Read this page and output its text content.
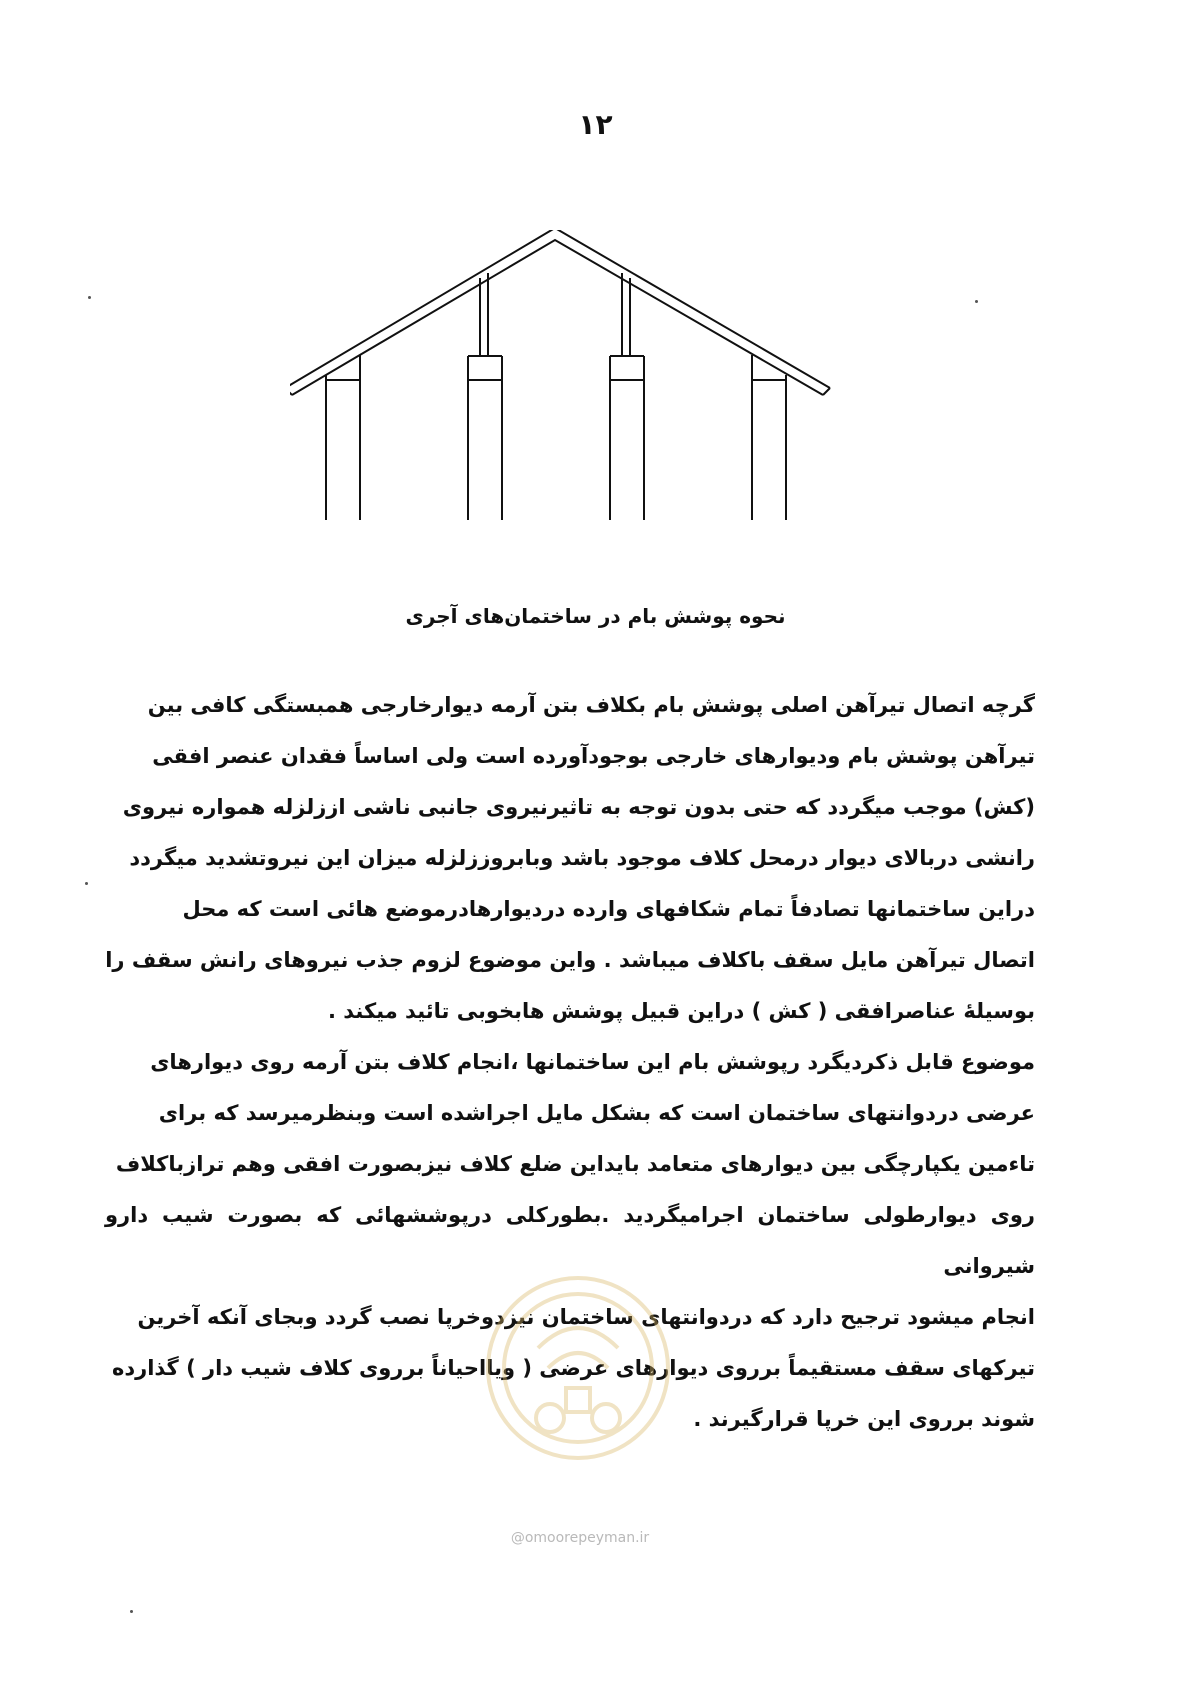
۱۲
نحوه پوشش بام در ساختمان‌های آجری

گرچه اتصال تیرآهن اصلی پوشش بام بکلاف بتن آرمه دیوارخارجی همبستگی کافی بین

تیرآهن پوشش بام ودیوارهای خارجی بوجودآورده است ولی اساساً فقدان عنصر افقی

(کش) موجب میگردد که حتی بدون توجه به تاثیرنیروی جانبی ناشی اززلزله همواره نیروی

رانشی دربالای دیوار درمحل کلاف موجود باشد وبابروززلزله میزان این نیروتشدید میگردد

دراین ساختمانها تصادفاً تمام شکافهای وارده دردیوارهادرموضع هائی است که محل

اتصال تیرآهن مایل سقف باکلاف میباشد . واین موضوع لزوم جذب نیروهای رانش سقف را

بوسیلهٔ عناصرافقی ( کش ) دراین قبیل پوشش هابخوبی تائید میکند .

موضوع قابل ذکردیگرد رپوشش بام این ساختمانها ،انجام کلاف بتن آرمه روی دیوارهای

عرضی دردوانتهای ساختمان است که بشکل مایل اجراشده است وبنظرمیرسد که برای

تاءمین یکپارچگی بین دیوارهای متعامد بایداین ضلع کلاف نیزبصورت افقی وهم ترازباکلاف

روی دیوارطولی ساختمان اجرامیگردید .بطورکلی درپوششهائی که بصورت شیب دارو شیروانی

انجام میشود ترجیح دارد که دردوانتهای ساختمان نیزدوخرپا نصب گردد وبجای آنکه آخرین

تیرکهای سقف مستقیماً برروی دیوارهای عرضی ( ویااحیاناً برروی کلاف شیب دار ) گذارده

شوند برروی این خرپا قرارگیرند .

@omoorepeyman.ir
